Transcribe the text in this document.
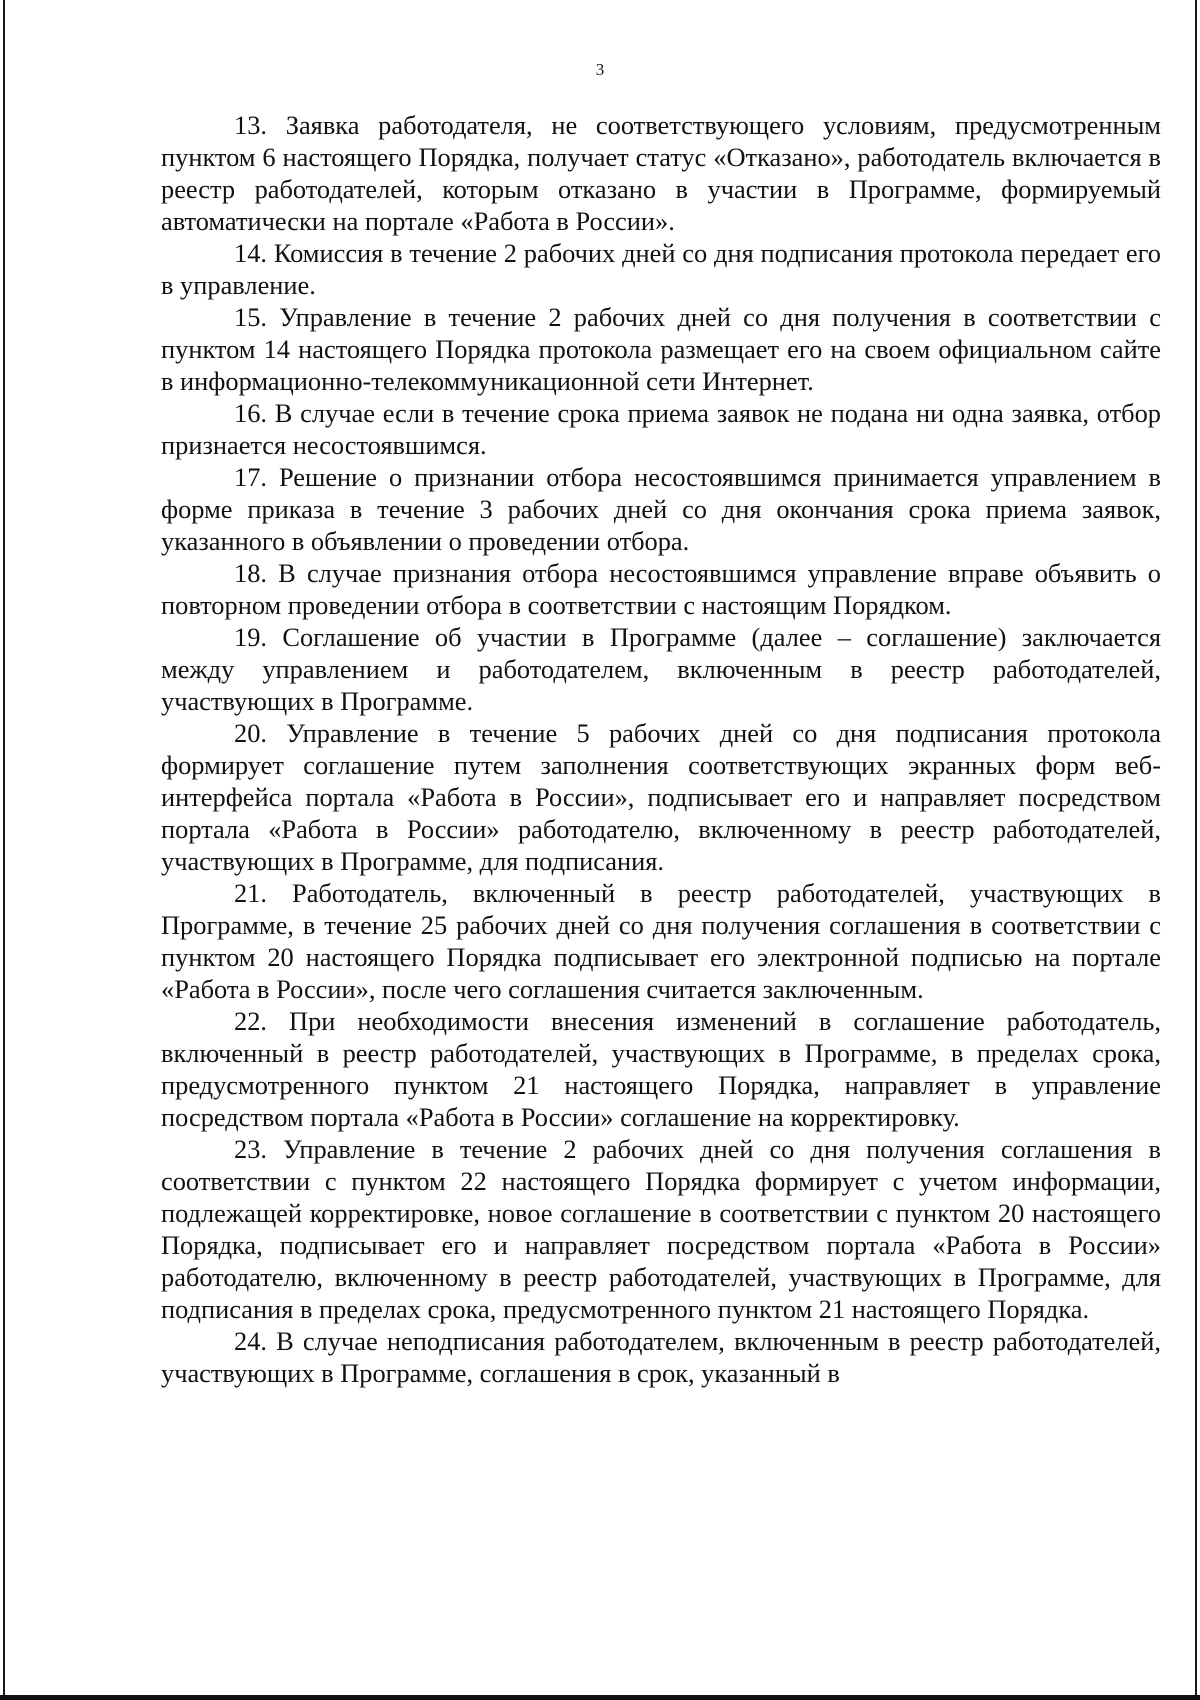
3

13. Заявка работодателя, не соответствующего условиям, предусмотренным пунктом 6 настоящего Порядка, получает статус «Отказано», работодатель включается в реестр работодателей, которым отказано в участии в Программе, формируемый автоматически на портале «Работа в России».

14. Комиссия в течение 2 рабочих дней со дня подписания протокола передает его в управление.

15. Управление в течение 2 рабочих дней со дня получения в соответствии с пунктом 14 настоящего Порядка протокола размещает его на своем официальном сайте в информационно-телекоммуникационной сети Интернет.

16. В случае если в течение срока приема заявок не подана ни одна заявка, отбор признается несостоявшимся.

17. Решение о признании отбора несостоявшимся принимается управлением в форме приказа в течение 3 рабочих дней со дня окончания срока приема заявок, указанного в объявлении о проведении отбора.

18. В случае признания отбора несостоявшимся управление вправе объявить о повторном проведении отбора в соответствии с настоящим Порядком.

19. Соглашение об участии в Программе (далее – соглашение) заключается между управлением и работодателем, включенным в реестр работодателей, участвующих в Программе.

20. Управление в течение 5 рабочих дней со дня подписания протокола формирует соглашение путем заполнения соответствующих экранных форм веб-интерфейса портала «Работа в России», подписывает его и направляет посредством портала «Работа в России» работодателю, включенному в реестр работодателей, участвующих в Программе, для подписания.

21. Работодатель, включенный в реестр работодателей, участвующих в Программе, в течение 25 рабочих дней со дня получения соглашения в соответствии с пунктом 20 настоящего Порядка подписывает его электронной подписью на портале «Работа в России», после чего соглашения считается заключенным.

22. При необходимости внесения изменений в соглашение работодатель, включенный в реестр работодателей, участвующих в Программе, в пределах срока, предусмотренного пунктом 21 настоящего Порядка, направляет в управление посредством портала «Работа в России» соглашение на корректировку.

23. Управление в течение 2 рабочих дней со дня получения соглашения в соответствии с пунктом 22 настоящего Порядка формирует с учетом информации, подлежащей корректировке, новое соглашение в соответствии с пунктом 20 настоящего Порядка, подписывает его и направляет посредством портала «Работа в России» работодателю, включенному в реестр работодателей, участвующих в Программе, для подписания в пределах срока, предусмотренного пунктом 21 настоящего Порядка.

24. В случае неподписания работодателем, включенным в реестр работодателей, участвующих в Программе, соглашения в срок, указанный в
